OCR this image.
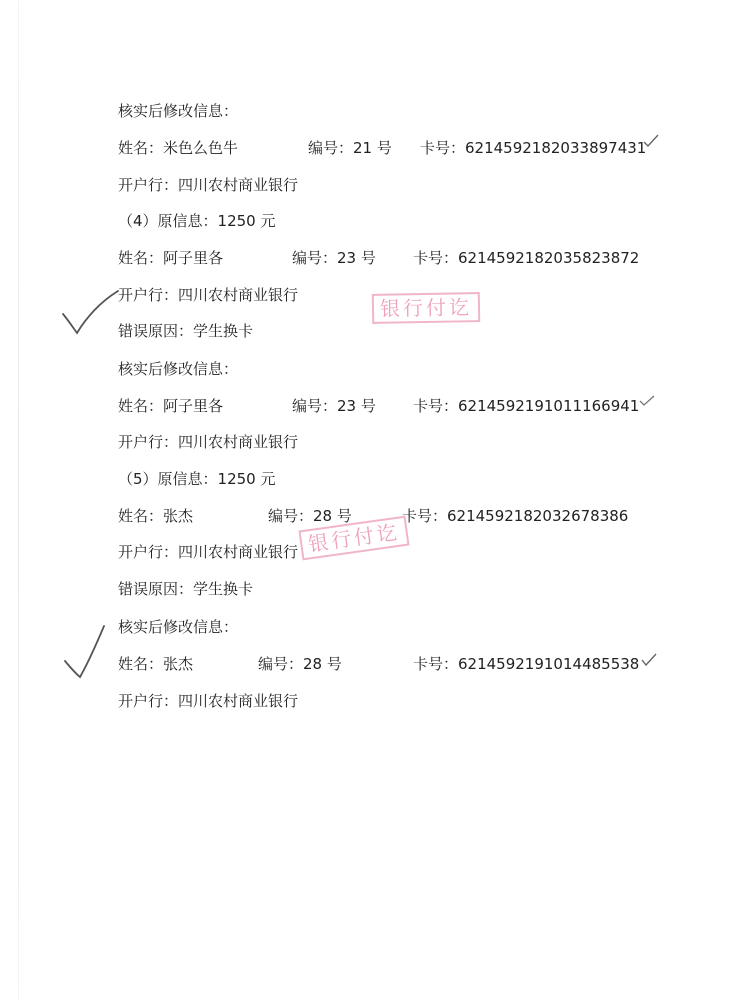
核实后修改信息：
姓名：米色么色牛	编号：21 号 卡号：6214592182033897431
开户行：四川农村商业银行
（4）原信息：1250 元
姓名：阿子里各	编号：23 号 卡号：6214592182035823872
开户行：四川农村商业银行
错误原因：学生换卡
核实后修改信息：
姓名：阿子里各	编号：23 号 卡号：6214592191011166941
开户行：四川农村商业银行
（5）原信息：1250 元
姓名：张杰	编号：28 号	卡号：6214592182032678386
开户行：四川农村商业银行
错误原因：学生换卡
核实后修改信息：
姓名：张杰	编号：28 号	卡号：6214592191014485538
开户行：四川农村商业银行
银行付讫
银行付讫
